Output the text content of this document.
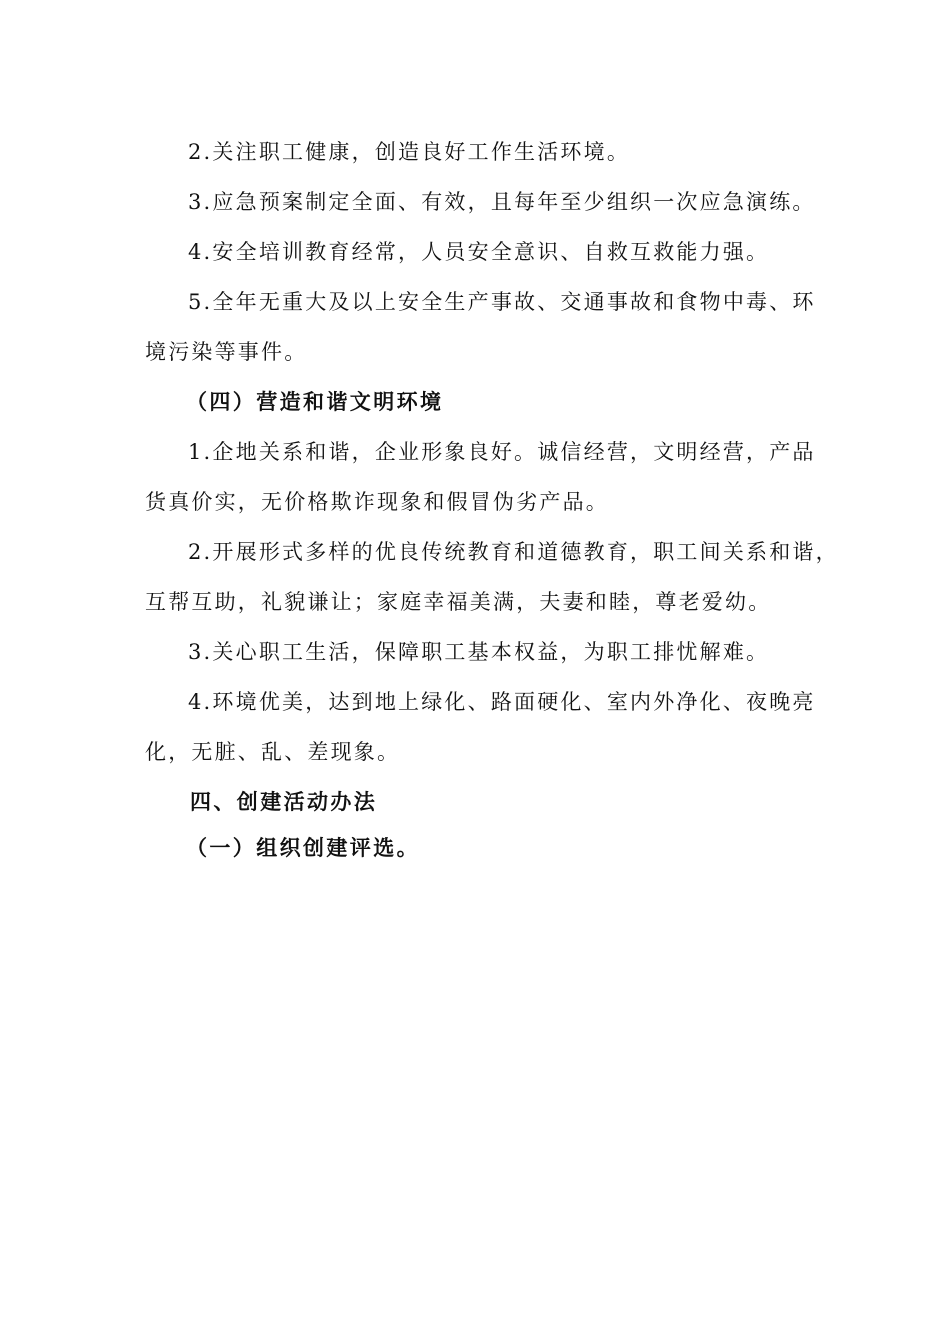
2.关注职工健康，创造良好工作生活环境。
3.应急预案制定全面、有效，且每年至少组织一次应急演练。
4.安全培训教育经常，人员安全意识、自救互救能力强。
5.全年无重大及以上安全生产事故、交通事故和食物中毒、环
境污染等事件。
（四）营造和谐文明环境
1.企地关系和谐，企业形象良好。诚信经营，文明经营，产品
货真价实，无价格欺诈现象和假冒伪劣产品。
2.开展形式多样的优良传统教育和道德教育，职工间关系和谐，
互帮互助，礼貌谦让；家庭幸福美满，夫妻和睦，尊老爱幼。
3.关心职工生活，保障职工基本权益，为职工排忧解难。
4.环境优美，达到地上绿化、路面硬化、室内外净化、夜晚亮
化，无脏、乱、差现象。
四、创建活动办法
（一）组织创建评选。
